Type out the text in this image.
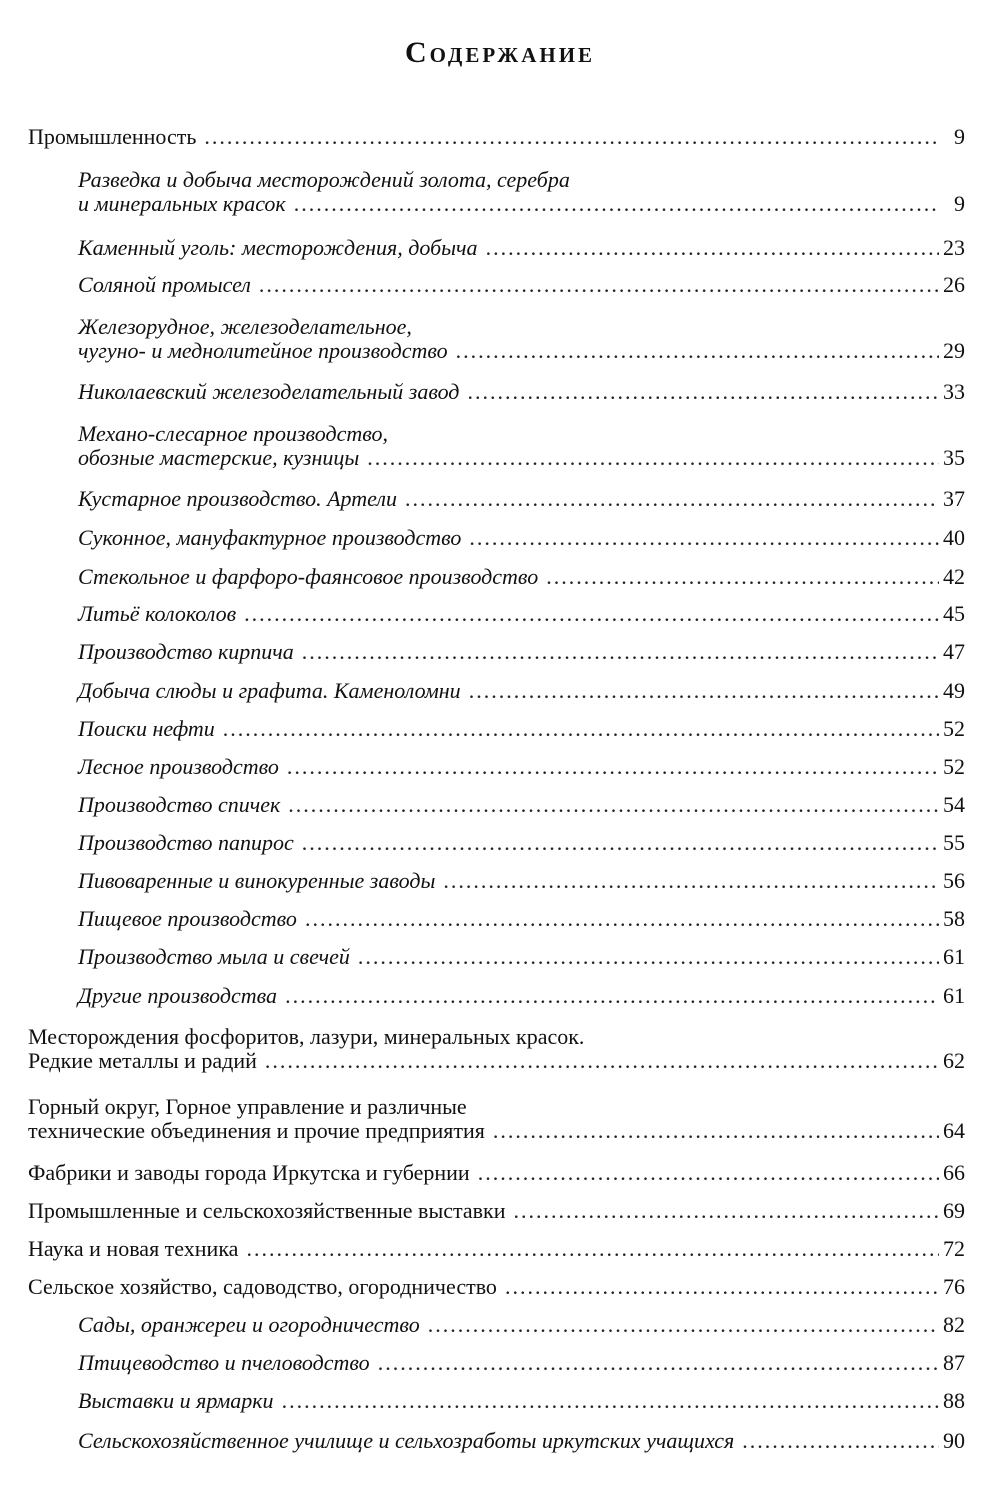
Содержание
Промышленность .....	9
Разведка и добыча месторождений золота, серебра
и минеральных красок .....	9
Каменный уголь: месторождения, добыча .....	23
Соляной промысел .....	26
Железорудное, железоделательное,
чугуно- и меднолитейное производство .....	29
Николаевский железоделательный завод .....	33
Механо-слесарное производство,
обозные мастерские, кузницы .....	35
Кустарное производство. Артели .....	37
Суконное, мануфактурное производство .....	40
Стекольное и фарфоро-фаянсовое производство .....	42
Литьё колоколов .....	45
Производство кирпича .....	47
Добыча слюды и графита. Каменоломни .....	49
Поиски нефти .....	52
Лесное производство .....	52
Производство спичек .....	54
Производство папирос .....	55
Пивоваренные и винокуренные заводы .....	56
Пищевое производство .....	58
Производство мыла и свечей .....	61
Другие производства .....	61
Месторождения фосфоритов, лазури, минеральных красок.
Редкие металлы и радий .....	62
Горный округ, Горное управление и различные
технические объединения и прочие предприятия .....	64
Фабрики и заводы города Иркутска и губернии .....	66
Промышленные и сельскохозяйственные выставки .....	69
Наука и новая техника .....	72
Сельское хозяйство, садоводство, огородничество .....	76
Сады, оранжереи и огородничество .....	82
Птицеводство и пчеловодство .....	87
Выставки и ярмарки .....	88
Сельскохозяйственное училище и сельхозработы иркутских учащихся .....	90
